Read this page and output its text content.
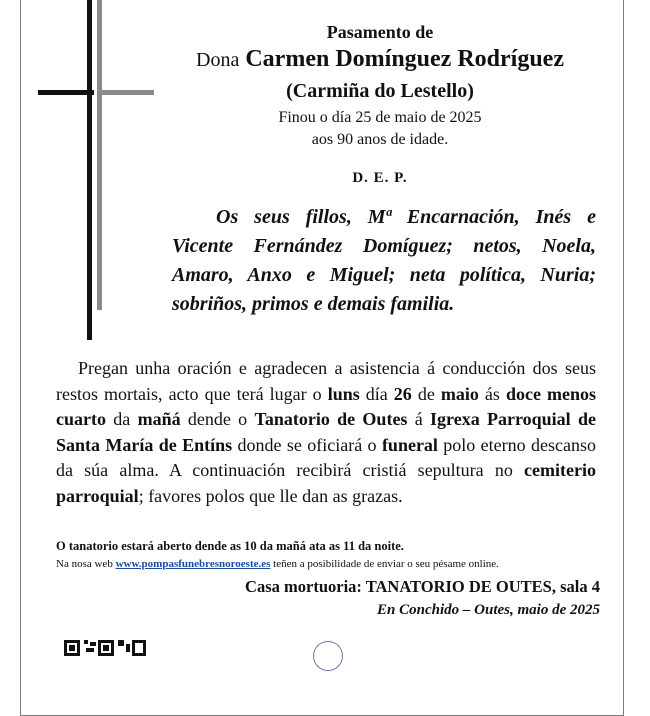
Pasamento de
Dona Carmen Domínguez Rodríguez
(Carmiña do Lestello)
Finou o día 25 de maio de 2025
aos 90 anos de idade.
D. E. P.
Os seus fillos, Mª Encarnación, Inés e Vicente Fernández Domíguez; netos, Noela, Amaro, Anxo e Miguel; neta política, Nuria; sobriños, primos e demais familia.
Pregan unha oración e agradecen a asistencia á conducción dos seus restos mortais, acto que terá lugar o luns día 26 de maio ás doce menos cuarto da mañá dende o Tanatorio de Outes á Igrexa Parroquial de Santa María de Entíns donde se oficiará o funeral polo eterno descanso da súa alma. A continuación recibirá cristiá sepultura no cemiterio parroquial; favores polos que lle dan as grazas.
O tanatorio estará aberto dende as 10 da mañá ata as 11 da noite.
Na nosa web www.pompasfunebresnoroeste.es teñen a posibilidade de enviar o seu pésame online.
Casa mortuoria: TANATORIO DE OUTES, sala 4
En Conchido – Outes, maio de 2025
